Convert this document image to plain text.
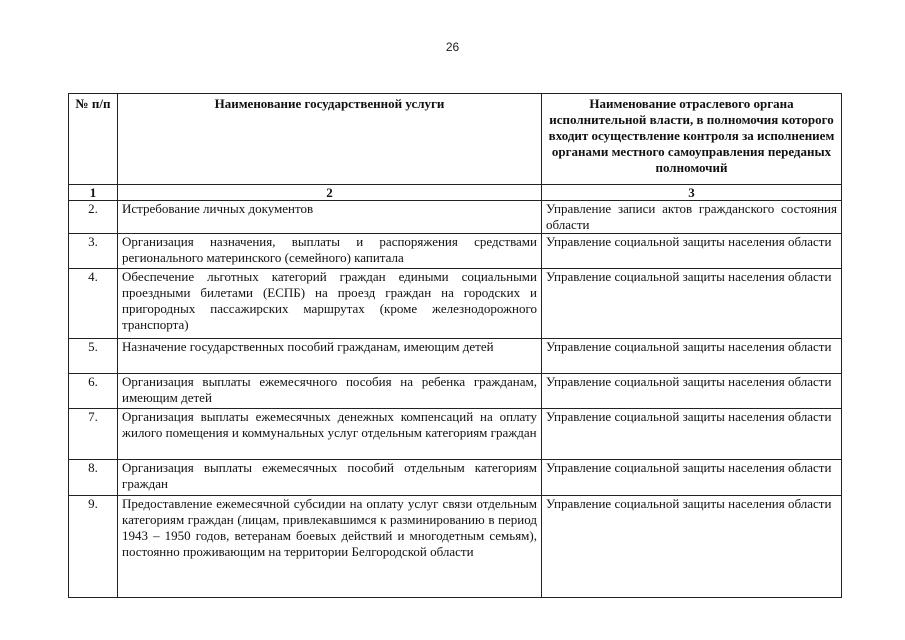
26
№ п/п	Наименование государственной услуги	Наименование отраслевого органа исполнительной власти, в полномочия которого входит осуществление контроля за исполнением органами местного самоуправления переданых полномочий
1	2	3
2.	Истребование личных документов	Управление записи актов гражданского состояния области
3.	Организация назначения, выплаты и распоряжения средствами регионального материнского (семейного) капитала	Управление социальной защиты населения области
4.	Обеспечение льготных категорий граждан едиными социальными проездными билетами (ЕСПБ) на проезд граждан на городских и пригородных пассажирских маршрутах (кроме железнодорожного транспорта)	Управление социальной защиты населения области
5.	Назначение государственных пособий гражданам, имеющим детей	Управление социальной защиты населения области
6.	Организация выплаты ежемесячного пособия на ребенка гражданам, имеющим детей	Управление социальной защиты населения области
7.	Организация выплаты ежемесячных денежных компенсаций на оплату жилого помещения и коммунальных услуг отдельным категориям граждан	Управление социальной защиты населения области
8.	Организация выплаты ежемесячных пособий отдельным категориям граждан	Управление социальной защиты населения области
9.	Предоставление ежемесячной субсидии на оплату услуг связи отдельным категориям граждан (лицам, привлекавшимся к разминированию в период 1943 – 1950 годов, ветеранам боевых действий и многодетным семьям), постоянно проживающим на территории Белгородской области	Управление социальной защиты населения области
